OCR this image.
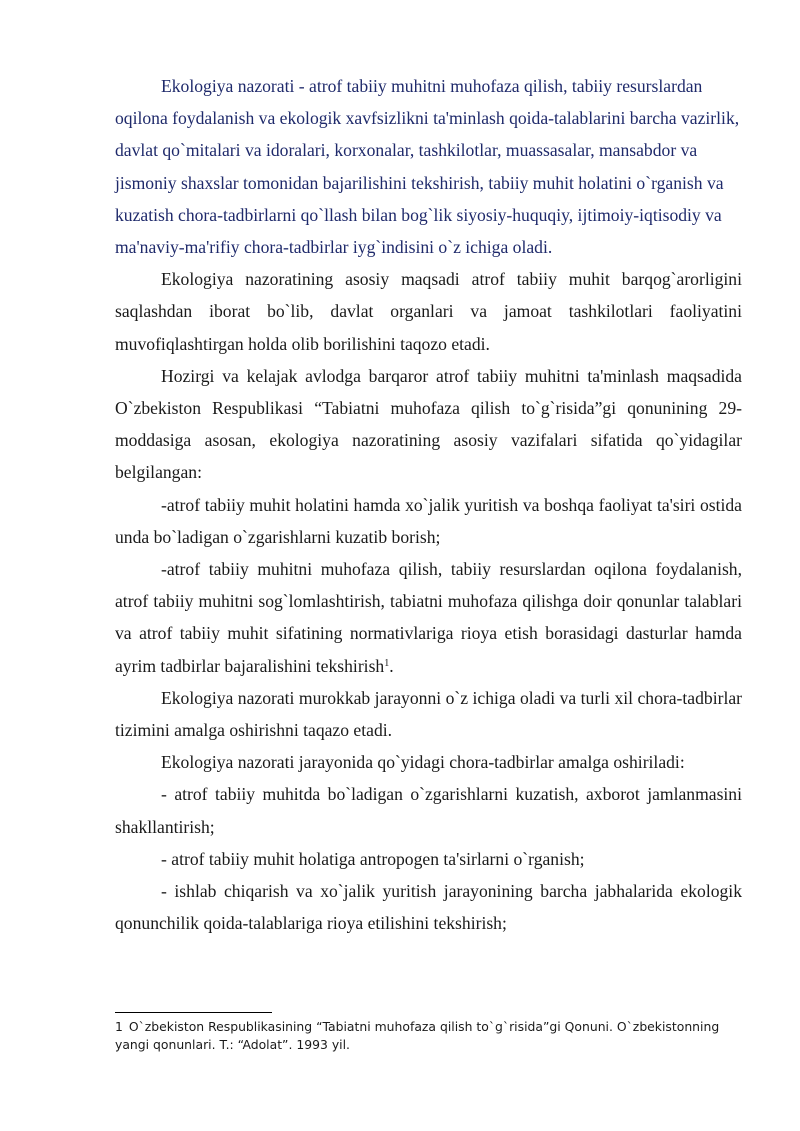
Ekologiya nazorati - atrof tabiiy muhitni muhofaza qilish, tabiiy resurslardan oqilona foydalanish va ekologik xavfsizlikni ta'minlash qoida-talablarini barcha vazirlik, davlat qo`mitalari va idoralari, korxonalar, tashkilotlar, muassasalar, mansabdor va jismoniy shaxslar tomonidan bajarilishini tekshirish, tabiiy muhit holatini o`rganish va kuzatish chora-tadbirlarni qo`llash bilan bog`lik siyosiy-huquqiy, ijtimoiy-iqtisodiy va ma'naviy-ma'rifiy chora-tadbirlar iyg`indisini o`z ichiga oladi.

Ekologiya nazoratining asosiy maqsadi atrof tabiiy muhit barqog`arorligini saqlashdan iborat bo`lib, davlat organlari va jamoat tashkilotlari faoliyatini muvofiqlashtirgan holda olib borilishini taqozo etadi.

Hozirgi va kelajak avlodga barqaror atrof tabiiy muhitni ta'minlash maqsadida O`zbekiston Respublikasi “Tabiatni muhofaza qilish to`g`risida”gi qonunining 29-moddasiga asosan, ekologiya nazoratining asosiy vazifalari sifatida qo`yidagilar belgilangan:

-atrof tabiiy muhit holatini hamda xo`jalik yuritish va boshqa faoliyat ta'siri ostida unda bo`ladigan o`zgarishlarni kuzatib borish;

-atrof tabiiy muhitni muhofaza qilish, tabiiy resurslardan oqilona foydalanish, atrof tabiiy muhitni sog`lomlashtirish, tabiatni muhofaza qilishga doir qonunlar talablari va atrof tabiiy muhit sifatining normativlariga rioya etish borasidagi dasturlar hamda ayrim tadbirlar bajaralishini tekshirish$^1$.

Ekologiya nazorati murokkab jarayonni o`z ichiga oladi va turli xil chora-tadbirlar tizimini amalga oshirishni taqazo etadi.

Ekologiya nazorati jarayonida qo`yidagi chora-tadbirlar amalga oshiriladi:

- atrof tabiiy muhitda bo`ladigan o`zgarishlarni kuzatish, axborot jamlanmasini shakllantirish;

- atrof tabiiy muhit holatiga antropogen ta'sirlarni o`rganish;

- ishlab chiqarish va xo`jalik yuritish jarayonining barcha jabhalarida ekologik qonunchilik qoida-talablariga rioya etilishini tekshirish;

1 O`zbekiston Respublikasining “Tabiatni muhofaza qilish to`g`risida”gi Qonuni. O`zbekistonning yangi qonunlari. T.: “Adolat”. 1993 yil.
